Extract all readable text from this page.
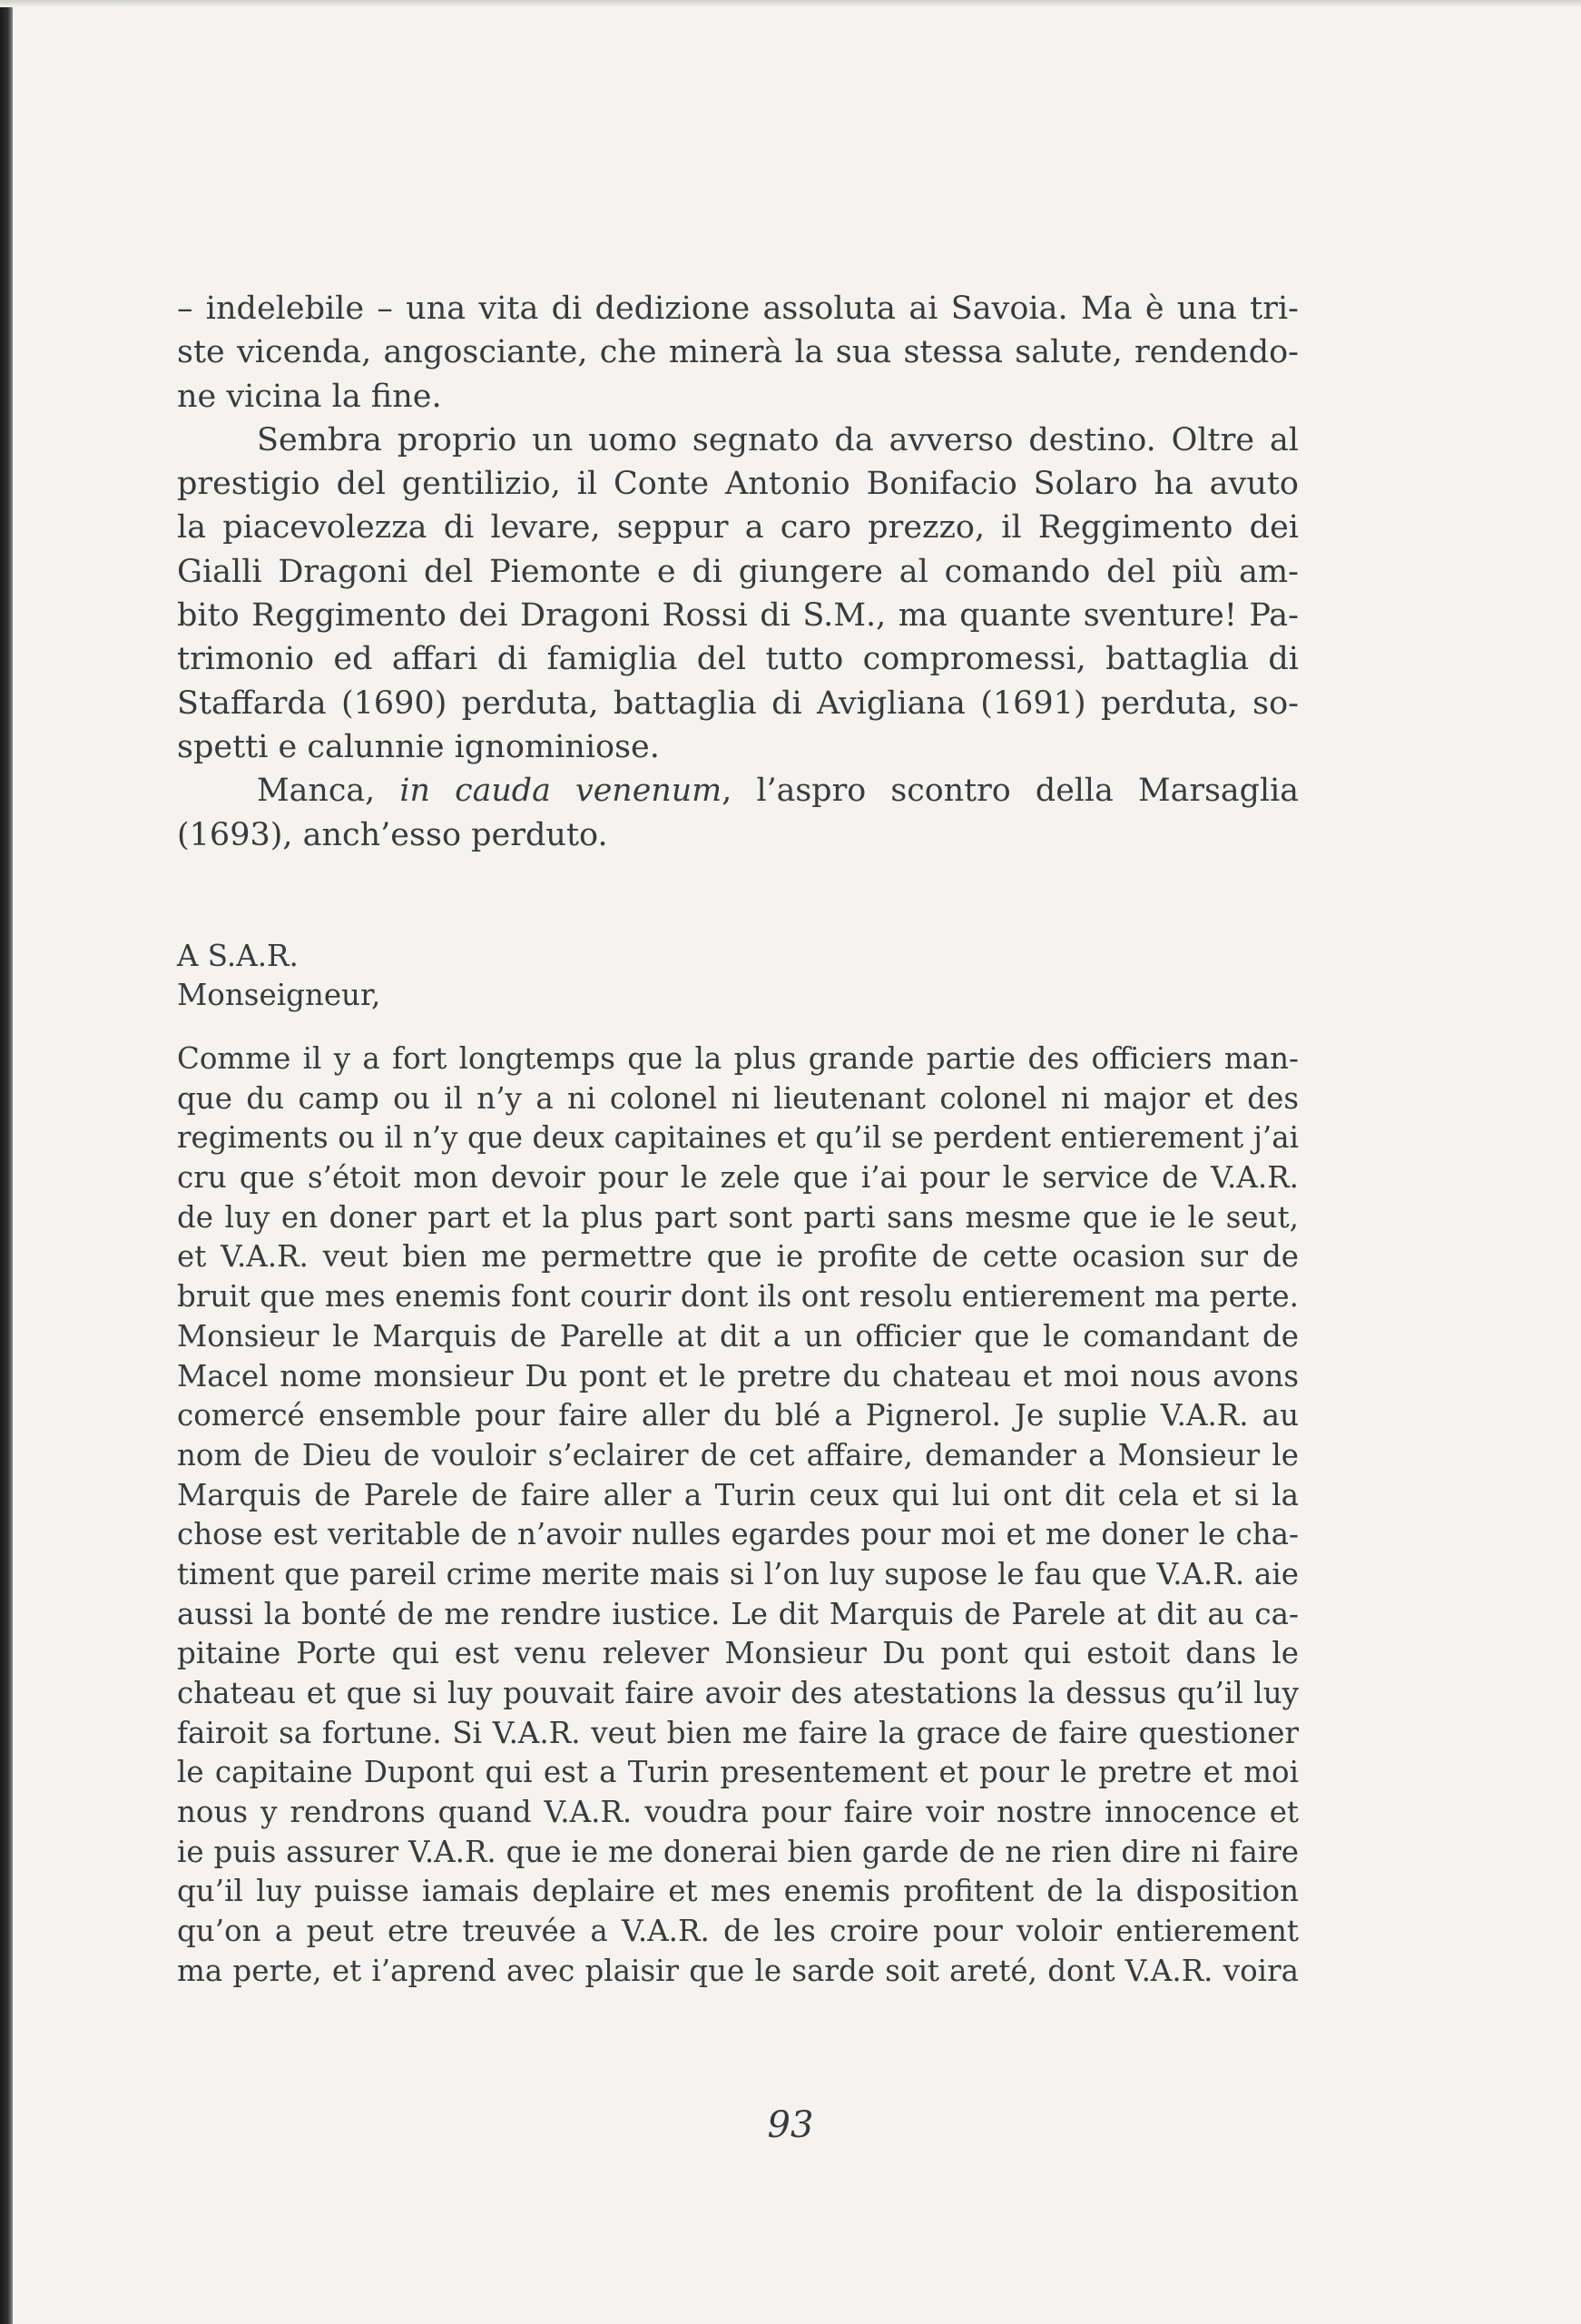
– indelebile – una vita di dedizione assoluta ai Savoia. Ma è una tri-
ste vicenda, angosciante, che minerà la sua stessa salute, rendendo-
ne vicina la fine.
Sembra proprio un uomo segnato da avverso destino. Oltre al
prestigio del gentilizio, il Conte Antonio Bonifacio Solaro ha avuto
la piacevolezza di levare, seppur a caro prezzo, il Reggimento dei
Gialli Dragoni del Piemonte e di giungere al comando del più am-
bito Reggimento dei Dragoni Rossi di S.M., ma quante sventure! Pa-
trimonio ed affari di famiglia del tutto compromessi, battaglia di
Staffarda (1690) perduta, battaglia di Avigliana (1691) perduta, so-
spetti e calunnie ignominiose.
Manca, in cauda venenum, l’aspro scontro della Marsaglia
(1693), anch’esso perduto.
A S.A.R.
Monseigneur,
Comme il y a fort longtemps que la plus grande partie des officiers man-
que du camp ou il n’y a ni colonel ni lieutenant colonel ni major et des
regiments ou il n’y que deux capitaines et qu’il se perdent entierement j’ai
cru que s’étoit mon devoir pour le zele que i’ai pour le service de V.A.R.
de luy en doner part et la plus part sont parti sans mesme que ie le seut,
et V.A.R. veut bien me permettre que ie profite de cette ocasion sur de
bruit que mes enemis font courir dont ils ont resolu entierement ma perte.
Monsieur le Marquis de Parelle at dit a un officier que le comandant de
Macel nome monsieur Du pont et le pretre du chateau et moi nous avons
comercé ensemble pour faire aller du blé a Pignerol. Je suplie V.A.R. au
nom de Dieu de vouloir s’eclairer de cet affaire, demander a Monsieur le
Marquis de Parele de faire aller a Turin ceux qui lui ont dit cela et si la
chose est veritable de n’avoir nulles egardes pour moi et me doner le cha-
timent que pareil crime merite mais si l’on luy supose le fau que V.A.R. aie
aussi la bonté de me rendre iustice. Le dit Marquis de Parele at dit au ca-
pitaine Porte qui est venu relever Monsieur Du pont qui estoit dans le
chateau et que si luy pouvait faire avoir des atestations la dessus qu’il luy
fairoit sa fortune. Si V.A.R. veut bien me faire la grace de faire questioner
le capitaine Dupont qui est a Turin presentement et pour le pretre et moi
nous y rendrons quand V.A.R. voudra pour faire voir nostre innocence et
ie puis assurer V.A.R. que ie me donerai bien garde de ne rien dire ni faire
qu’il luy puisse iamais deplaire et mes enemis profitent de la disposition
qu’on a peut etre treuvée a V.A.R. de les croire pour voloir entierement
ma perte, et i’aprend avec plaisir que le sarde soit areté, dont V.A.R. voira
93
